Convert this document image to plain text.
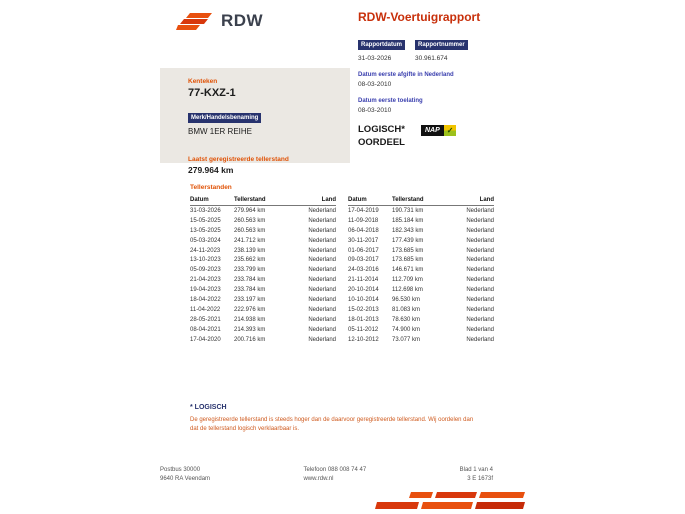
RDW	RDW-Voertuigrapport
Rapportdatum
31-03-2026
Rapportnummer
30.961.674
Kenteken
77-KXZ-1
Merk/Handelsbenaming
BMW 1ER REIHE
Laatst geregistreerde tellerstand
279.964 km
Datum eerste afgifte in Nederland
08-03-2010
Datum eerste toelating
08-03-2010
LOGISCH*
OORDEEL
NAP ✓
Tellerstanden
Datum	Tellerstand	Land
31-03-2026	279.964 km	Nederland
15-05-2025	260.563 km	Nederland
13-05-2025	260.563 km	Nederland
05-03-2024	241.712 km	Nederland
24-11-2023	238.139 km	Nederland
13-10-2023	235.662 km	Nederland
05-09-2023	233.799 km	Nederland
21-04-2023	233.784 km	Nederland
19-04-2023	233.784 km	Nederland
18-04-2022	233.197 km	Nederland
11-04-2022	222.976 km	Nederland
28-05-2021	214.938 km	Nederland
08-04-2021	214.393 km	Nederland
17-04-2020	200.716 km	Nederland
Datum	Tellerstand	Land
17-04-2019	190.731 km	Nederland
11-09-2018	185.184 km	Nederland
06-04-2018	182.343 km	Nederland
30-11-2017	177.439 km	Nederland
01-06-2017	173.685 km	Nederland
09-03-2017	173.685 km	Nederland
24-03-2016	146.671 km	Nederland
21-11-2014	112.709 km	Nederland
20-10-2014	112.698 km	Nederland
10-10-2014	96.530 km	Nederland
15-02-2013	81.083 km	Nederland
18-01-2013	78.630 km	Nederland
05-11-2012	74.900 km	Nederland
12-10-2012	73.077 km	Nederland
* LOGISCH
De geregistreerde tellerstand is steeds hoger dan de daarvoor geregistreerde tellerstand. Wij oordelen dan dat de tellerstand logisch verklaarbaar is.
Postbus 30000
9640 RA Veendam
Telefoon 088 008 74 47
www.rdw.nl
Blad 1 van 4
3 E 1673f
